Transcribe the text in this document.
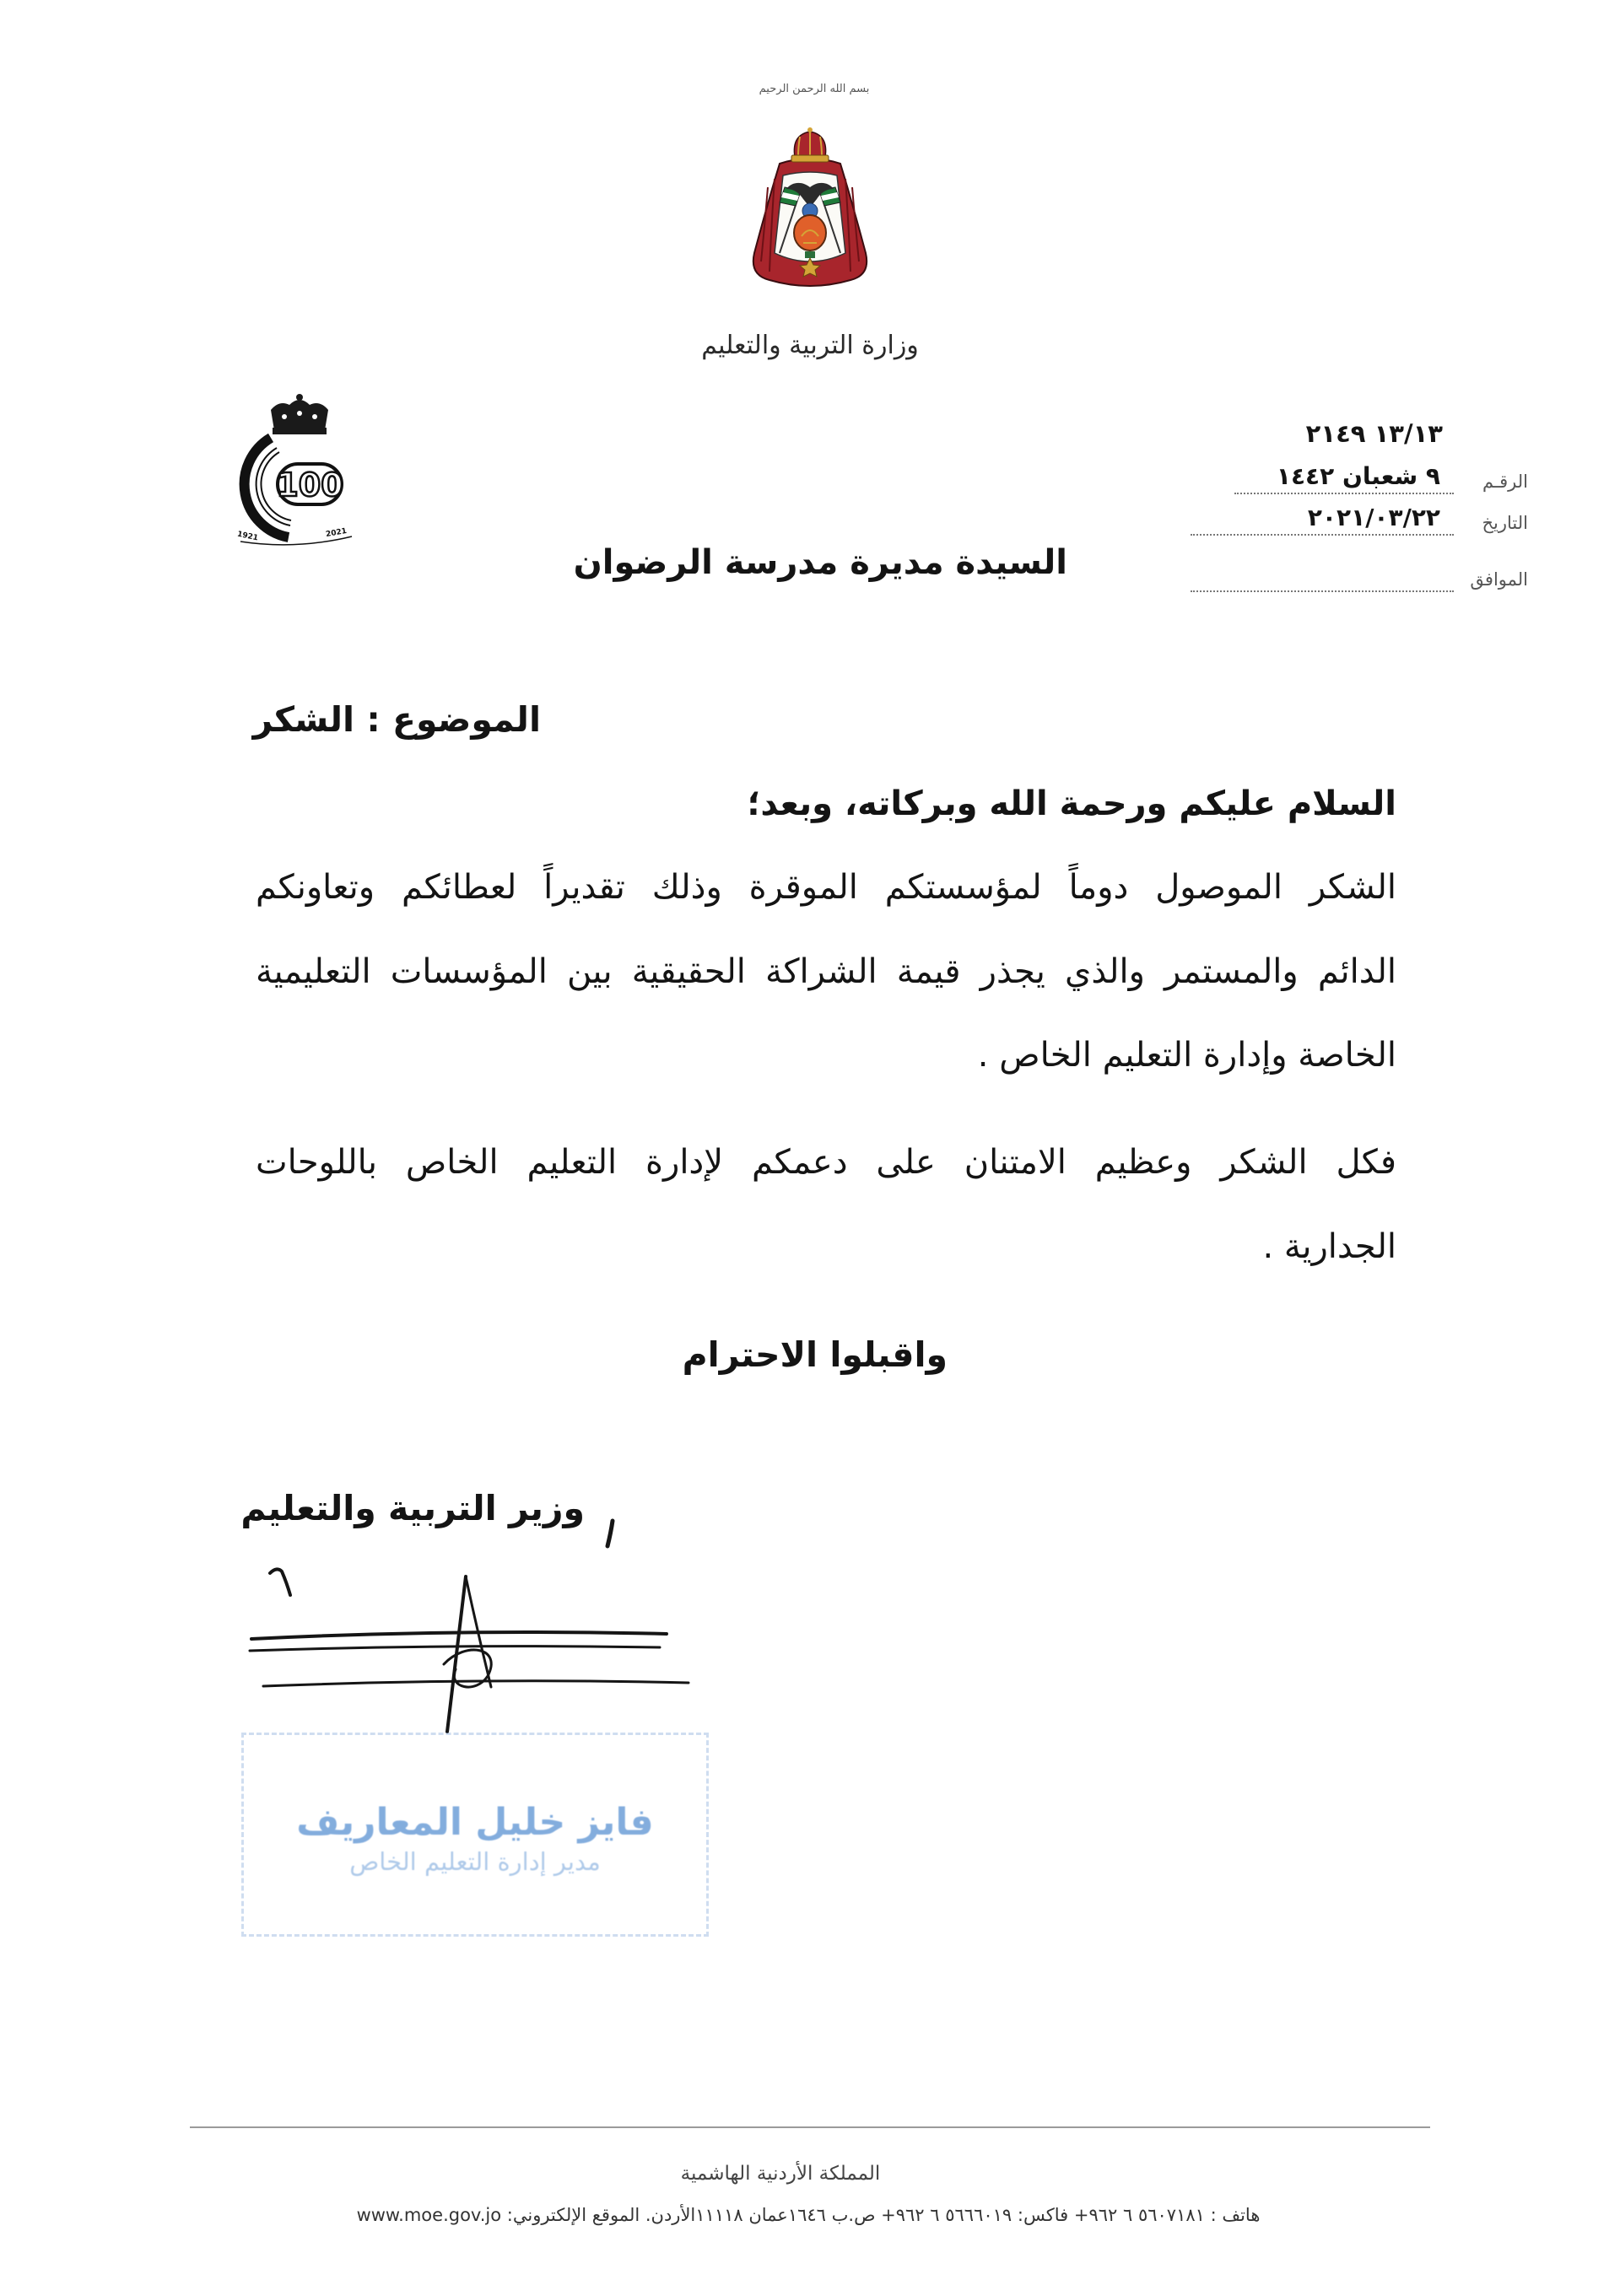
بسم الله الرحمن الرحيم
وزارة التربية والتعليم
100
1921	2021
١٣/١٣ ٢١٤٩
الرقـم
٩ شعبان ١٤٤٢
التاريخ
٢٠٢١/٠٣/٢٢
الموافق
السيدة مديرة مدرسة الرضوان
الموضوع : الشكر
السلام عليكم ورحمة الله وبركاته، وبعد؛
الشكر الموصول دوماً لمؤسستكم الموقرة وذلك تقديراً لعطائكم وتعاونكم
الدائم والمستمر والذي يجذر قيمة الشراكة الحقيقية بين المؤسسات التعليمية
الخاصة وإدارة التعليم الخاص .
فكل الشكر وعظيم الامتنان على دعمكم لإدارة التعليم الخاص باللوحات
الجدارية .
واقبلوا الاحترام
وزير التربية والتعليم
فايز خليل المعاريف
مدير إدارة التعليم الخاص
المملكة الأردنية الهاشمية
هاتف : ٥٦٠٧١٨١ ٦ ٩٦٢+ فاكس: ٥٦٦٦٠١٩ ٦ ٩٦٢+ ص.ب ١٦٤٦عمان ١١١١٨الأردن. الموقع الإلكتروني: www.moe.gov.jo
